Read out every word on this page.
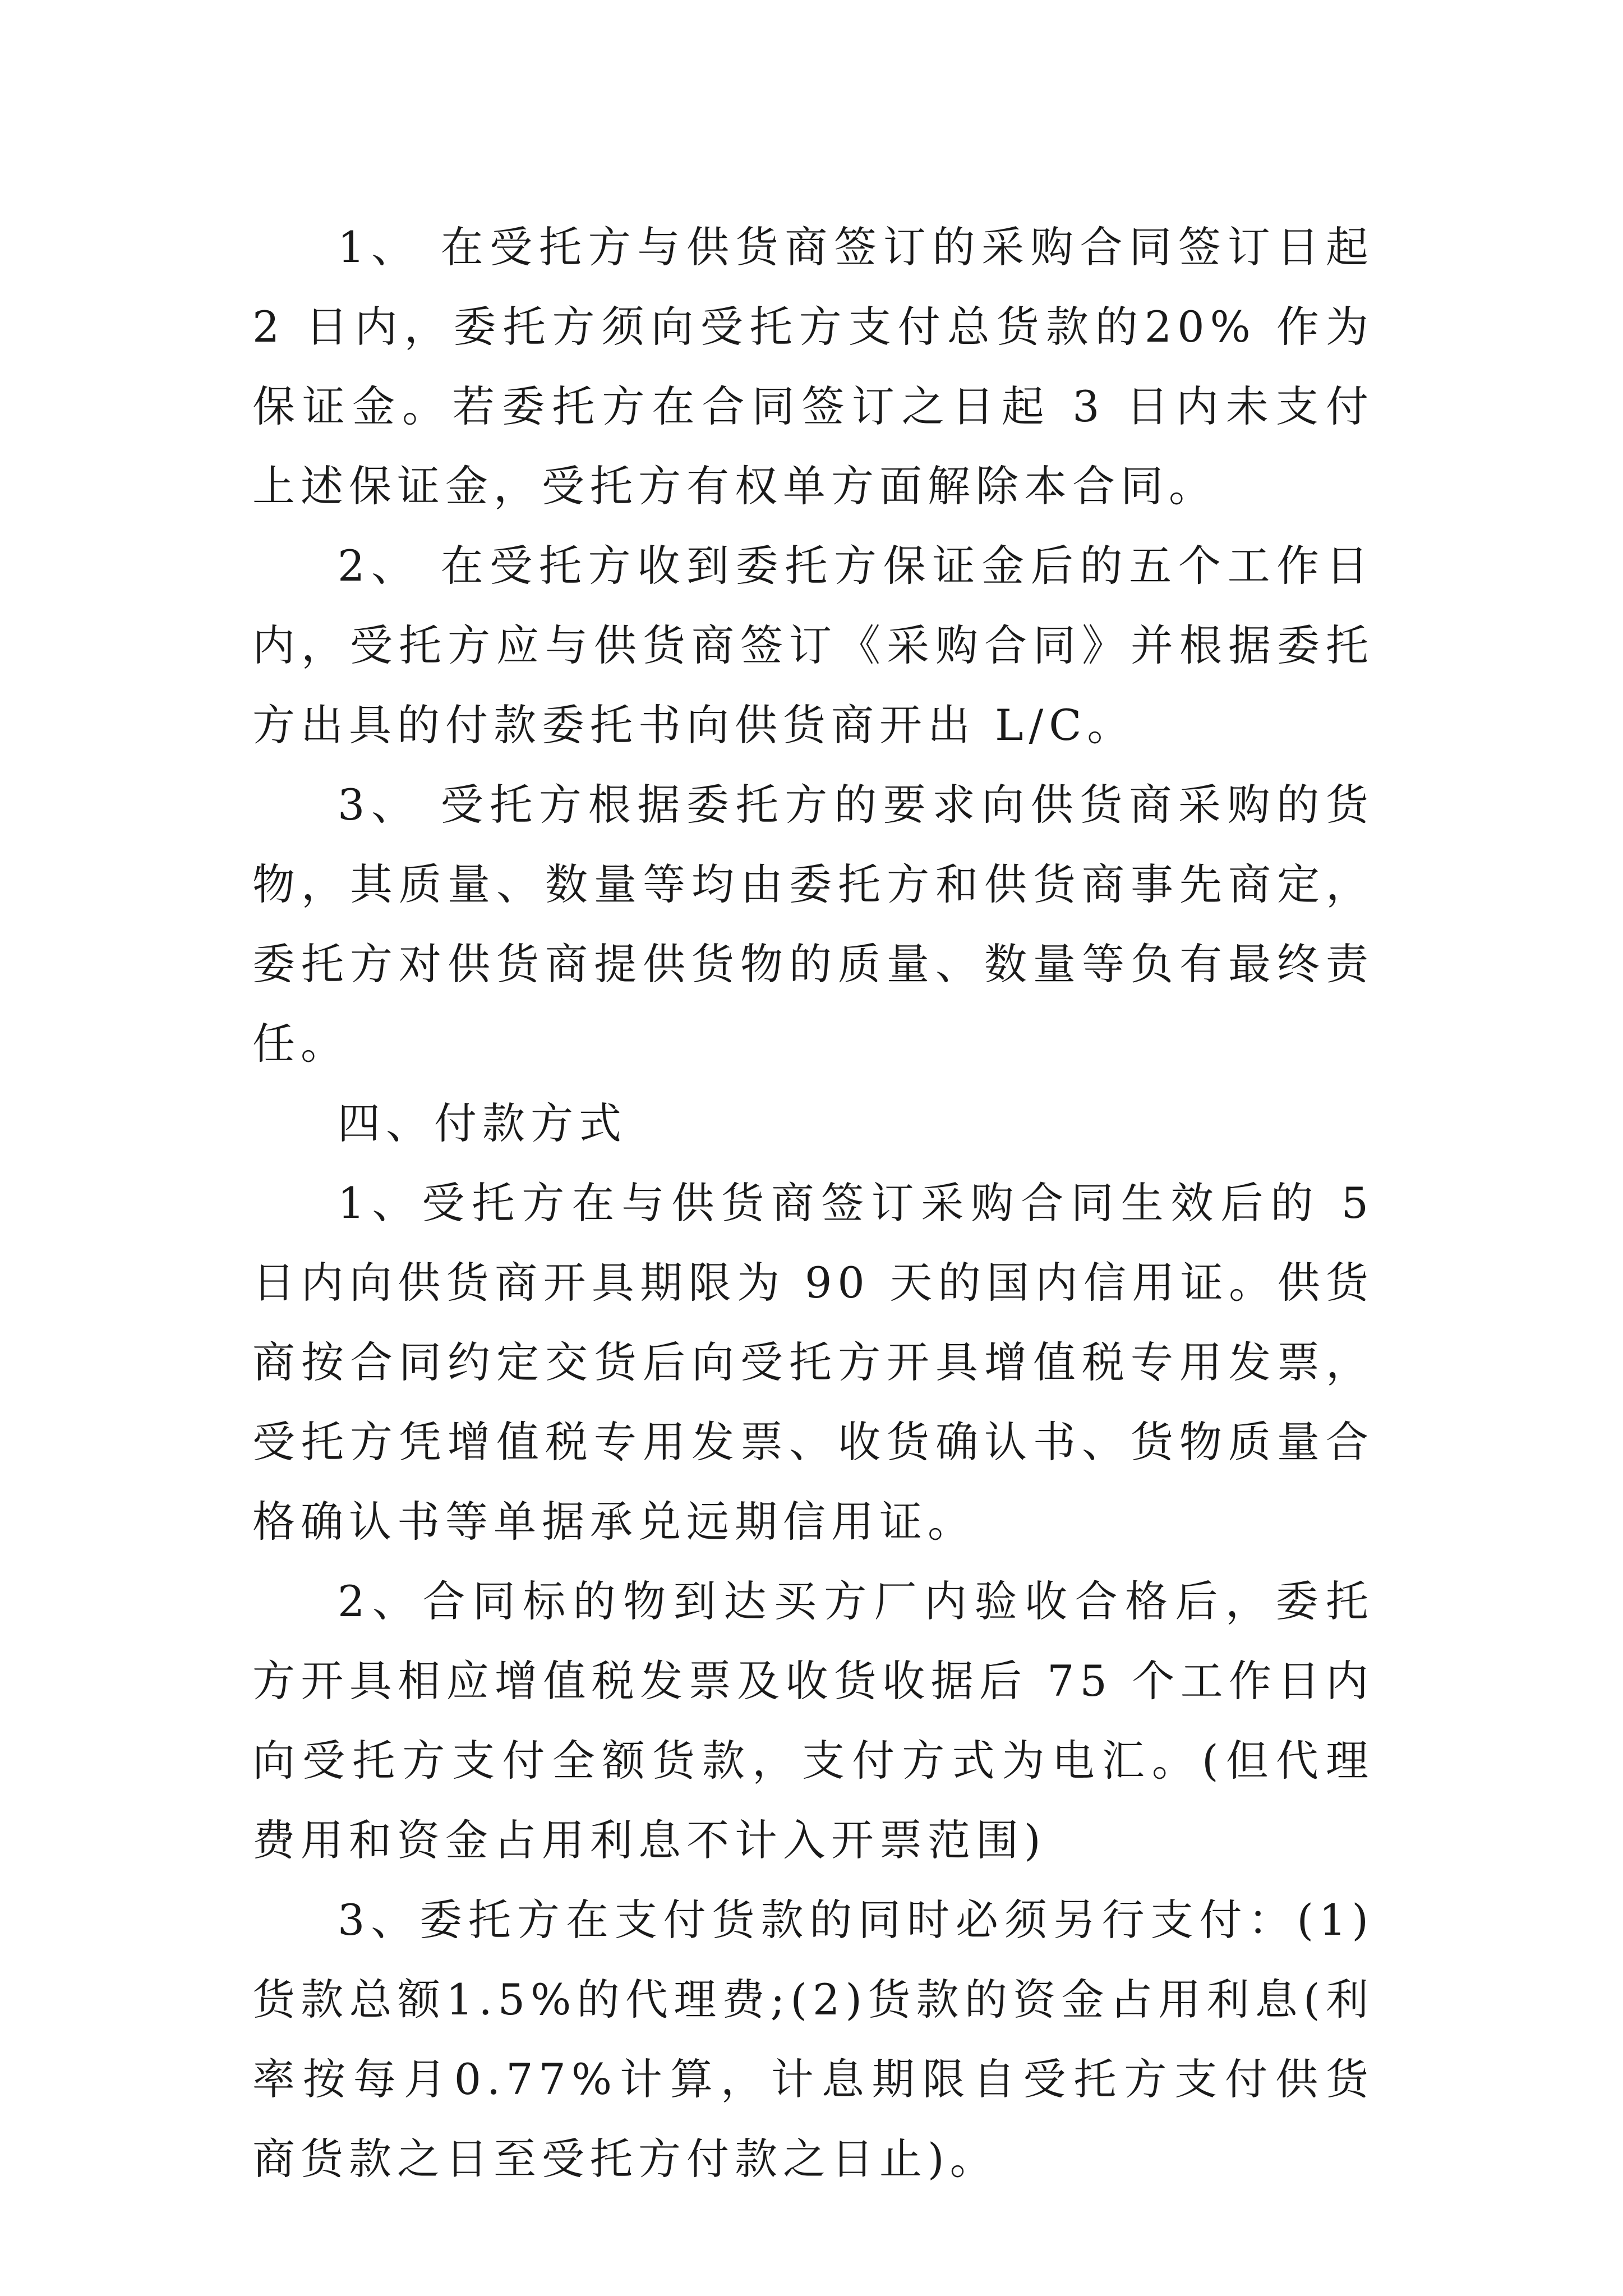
1、 在受托方与供货商签订的采购合同签订日起 2 日内，委托方须向受托方支付总货款的20% 作为保证金。若委托方在合同签订之日起 3 日内未支付上述保证金，受托方有权单方面解除本合同。

2、 在受托方收到委托方保证金后的五个工作日内，受托方应与供货商签订《采购合同》并根据委托方出具的付款委托书向供货商开出 L/C。

3、 受托方根据委托方的要求向供货商采购的货物，其质量、数量等均由委托方和供货商事先商定，委托方对供货商提供货物的质量、数量等负有最终责任。

四、付款方式

1、受托方在与供货商签订采购合同生效后的 5 日内向供货商开具期限为 90 天的国内信用证。供货商按合同约定交货后向受托方开具增值税专用发票，受托方凭增值税专用发票、收货确认书、货物质量合格确认书等单据承兑远期信用证。

2、合同标的物到达买方厂内验收合格后，委托方开具相应增值税发票及收货收据后 75 个工作日内向受托方支付全额货款，支付方式为电汇。(但代理费用和资金占用利息不计入开票范围)

3、委托方在支付货款的同时必须另行支付：(1)货款总额1.5%的代理费;(2)货款的资金占用利息(利率按每月0.77%计算，计息期限自受托方支付供货商货款之日至受托方付款之日止)。
